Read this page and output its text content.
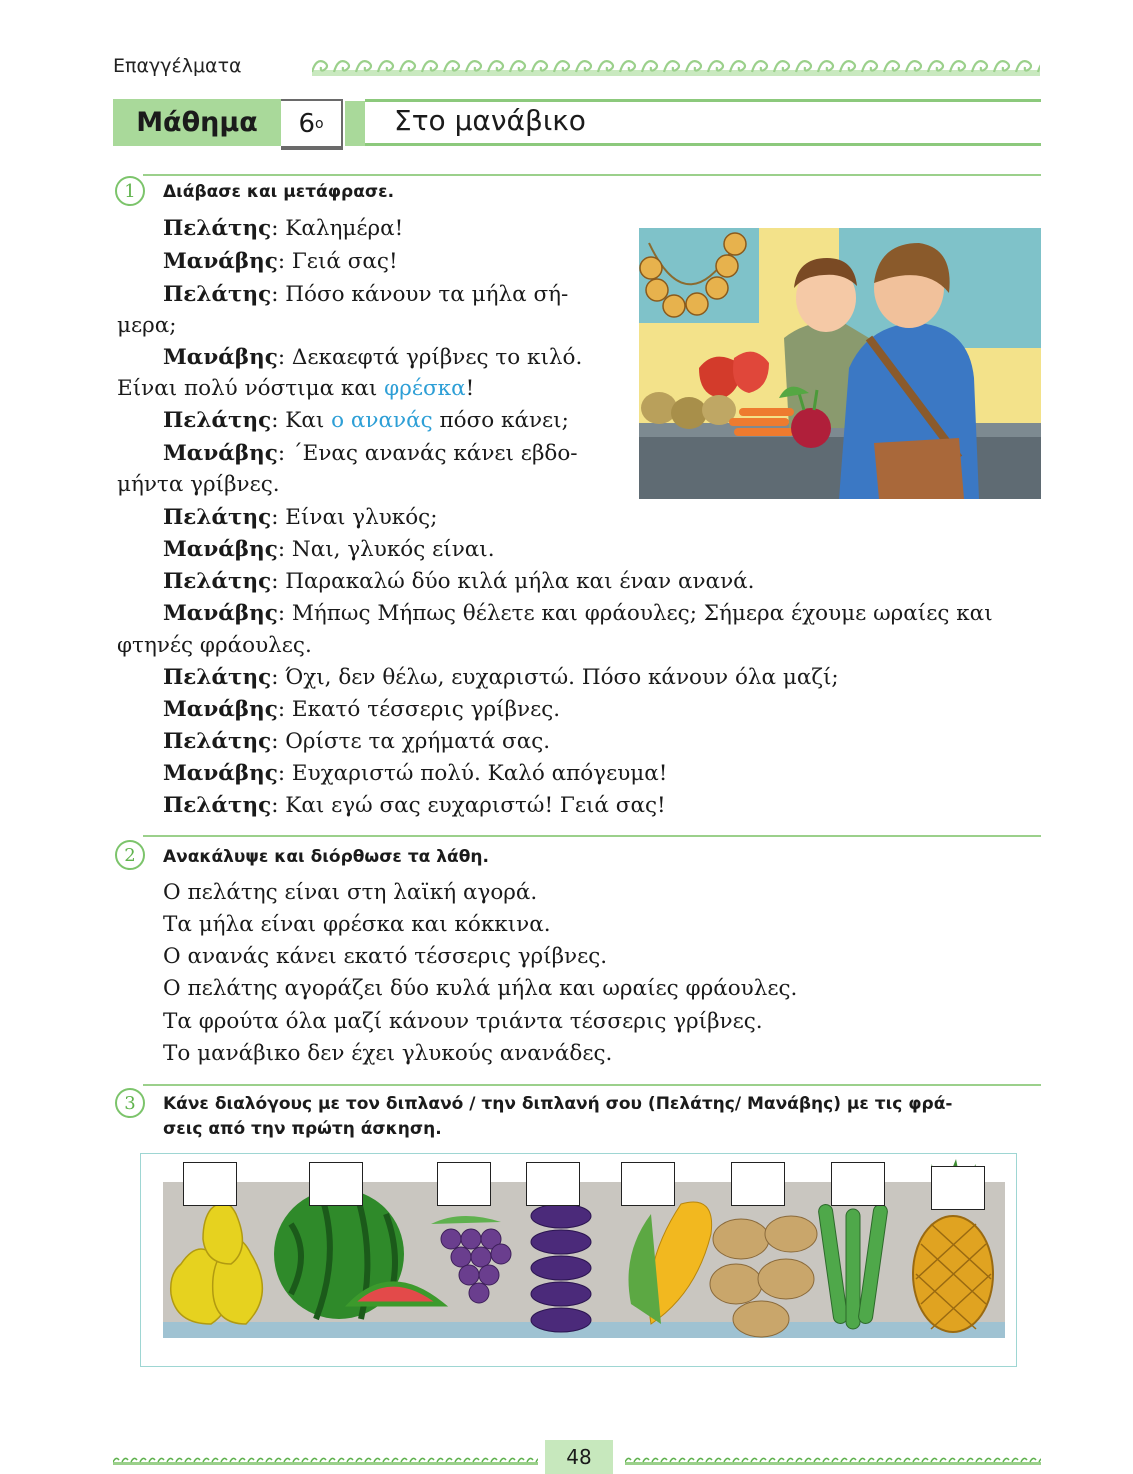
Επαγγέλματα
Μάθημα	6 ο	Στο μανάβικο
1	Διάβασε και μετάφρασε.
Πελάτης: Καλημέρα!
Μανάβης: Γειά σας!
Πελάτης: Πόσο κάνουν τα μήλα σή-
μερα;
Μανάβης: Δεκαεφτά γρίβνες το κιλό.
Είναι πολύ νόστιμα και φρέσκα!
Πελάτης: Και ο ανανάς πόσο κάνει;
Μανάβης: ΄Ενας ανανάς κάνει εβδο-
μήντα γρίβνες.
Πελάτης: Είναι γλυκός;
Μανάβης: Ναι, γλυκός είναι.
Πελάτης: Παρακαλώ δύο κιλά μήλα και έναν ανανά.
Μανάβης: Μήπως Μήπως θέλετε και φράουλες; Σήμερα έχουμε ωραίες και
φτηνές φράουλες.
Πελάτης: Όχι, δεν θέλω, ευχαριστώ. Πόσο κάνουν όλα μαζί;
Μανάβης: Εκατό τέσσερις γρίβνες.
Πελάτης: Ορίστε τα χρήματά σας.
Μανάβης: Ευχαριστώ πολύ. Καλό απόγευμα!
Πελάτης: Και εγώ σας ευχαριστώ! Γειά σας!
2	Ανακάλυψε και διόρθωσε τα λάθη.
Ο πελάτης είναι στη λαϊκή αγορά.
Τα μήλα είναι φρέσκα και κόκκινα.
Ο ανανάς κάνει εκατό τέσσερις γρίβνες.
Ο πελάτης αγοράζει δύο κυλά μήλα και ωραίες φράουλες.
Τα φρούτα όλα μαζί κάνουν τριάντα τέσσερις γρίβνες.
Το μανάβικο δεν έχει γλυκούς ανανάδες.
3	Κάνε διαλόγους με τον διπλανό / την διπλανή σου (Πελάτης/ Μανάβης) με τις φρά-
σεις από την πρώτη άσκηση.
48
